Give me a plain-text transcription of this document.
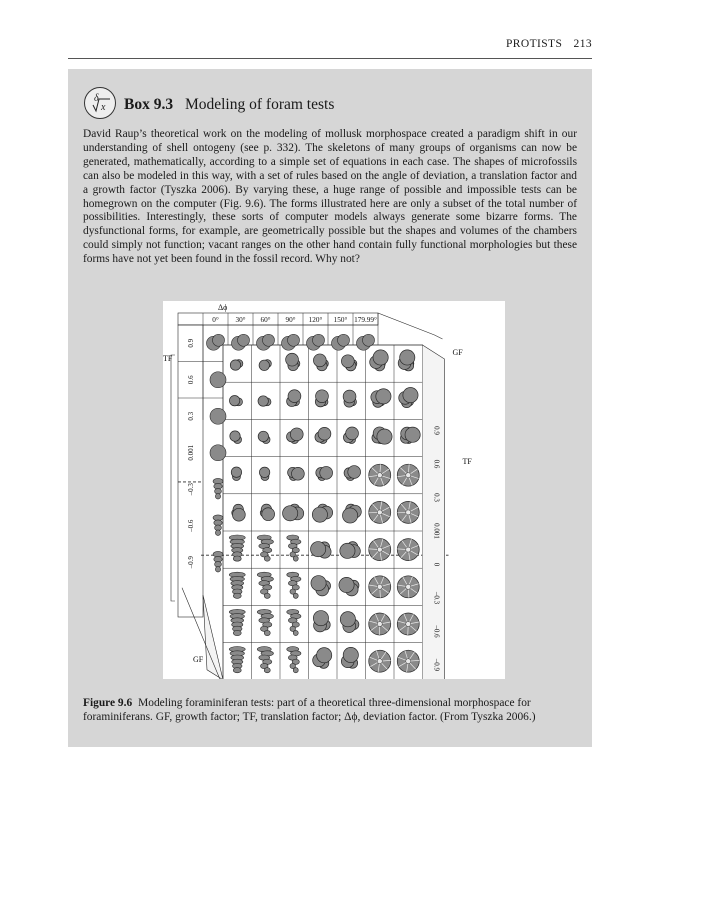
PROTISTS 213
δ
x Box 9.3 Modeling of foram tests
David Raup’s theoretical work on the modeling of mollusk morphospace created a paradigm shift in our understanding of shell ontogeny (see p. 332). The skeletons of many groups of organisms can now be generated, mathematically, according to a simple set of equations in each case. The shapes of microfossils can also be modeled in this way, with a set of rules based on the angle of deviation, a translation factor and a growth factor (Tyszka 2006). By varying these, a huge range of possible and impossible tests can be homegrown on the computer (Fig. 9.6). The forms illustrated here are only a subset of the total number of possibilities. Interestingly, these sorts of computer models always generate some bizarre forms. The dysfunctional forms, for example, are geometrically possible but the shapes and volumes of the chambers could simply not function; vacant ranges on the other hand contain fully functional morphologies but these forms have not yet been found in the fossil record. Why not?
0° 30° 60° 90° 120° 150° 179.99°
Δϕ
0.9
0.6
0.3
0.001
–0.3
–0.6
–0.9
TF
GF
GF
TF
0.9
0.6
0.3
0.001
0
–0.3
–0.6
–0.9
Figure 9.6 Modeling foraminiferan tests: part of a theoretical three-dimensional morphospace for foraminiferans. GF, growth factor; TF, translation factor; Δϕ, deviation factor. (From Tyszka 2006.)
